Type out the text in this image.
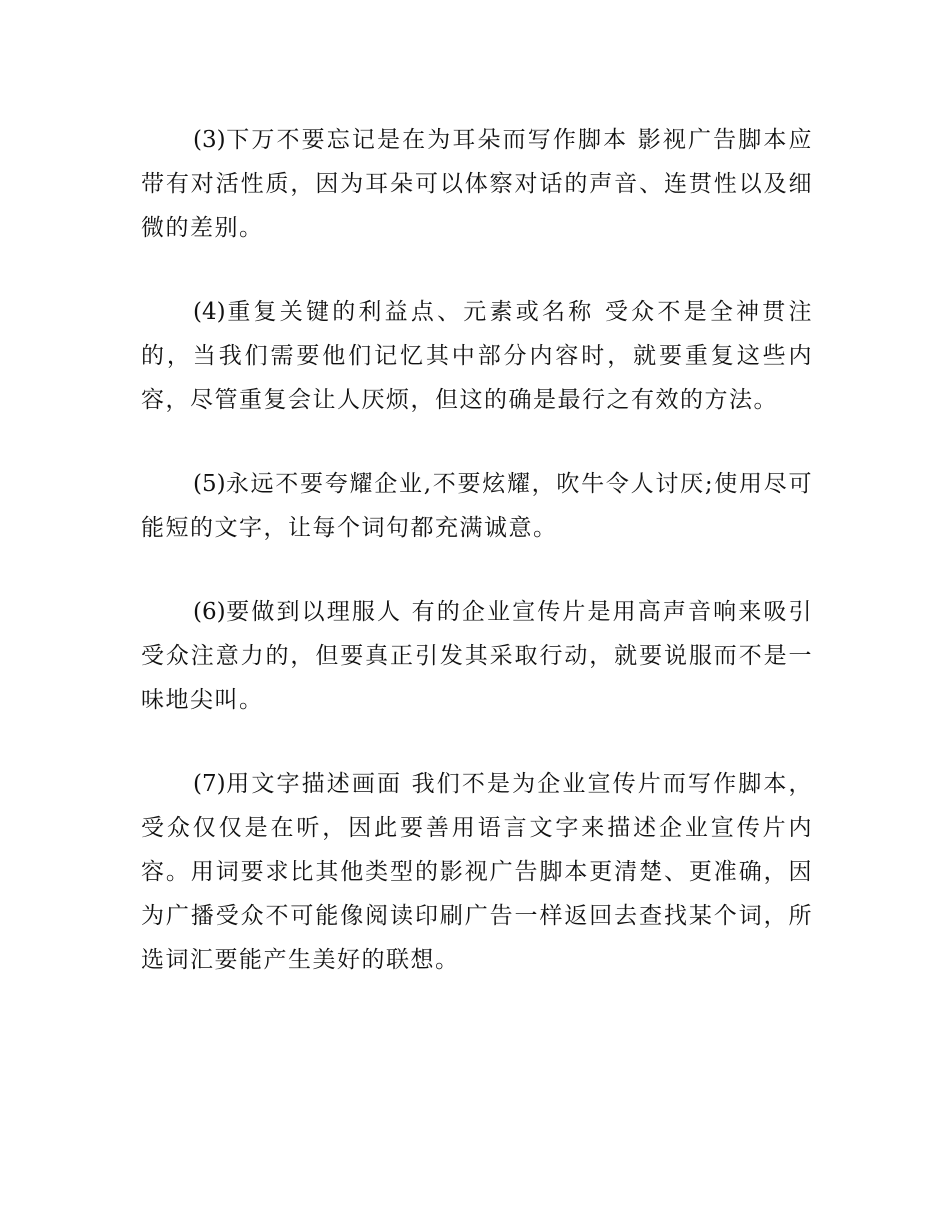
(3)下万不要忘记是在为耳朵而写作脚本 影视广告脚本应带有对活性质，因为耳朵可以体察对话的声音、连贯性以及细微的差别。

(4)重复关键的利益点、元素或名称 受众不是全神贯注的，当我们需要他们记忆其中部分内容时，就要重复这些内容，尽管重复会让人厌烦，但这的确是最行之有效的方法。

(5)永远不要夸耀企业,不要炫耀，吹牛令人讨厌;使用尽可能短的文字，让每个词句都充满诚意。

(6)要做到以理服人 有的企业宣传片是用高声音响来吸引受众注意力的，但要真正引发其采取行动，就要说服而不是一味地尖叫。

(7)用文字描述画面 我们不是为企业宣传片而写作脚本，受众仅仅是在听，因此要善用语言文字来描述企业宣传片内容。用词要求比其他类型的影视广告脚本更清楚、更准确，因为广播受众不可能像阅读印刷广告一样返回去查找某个词，所选词汇要能产生美好的联想。
